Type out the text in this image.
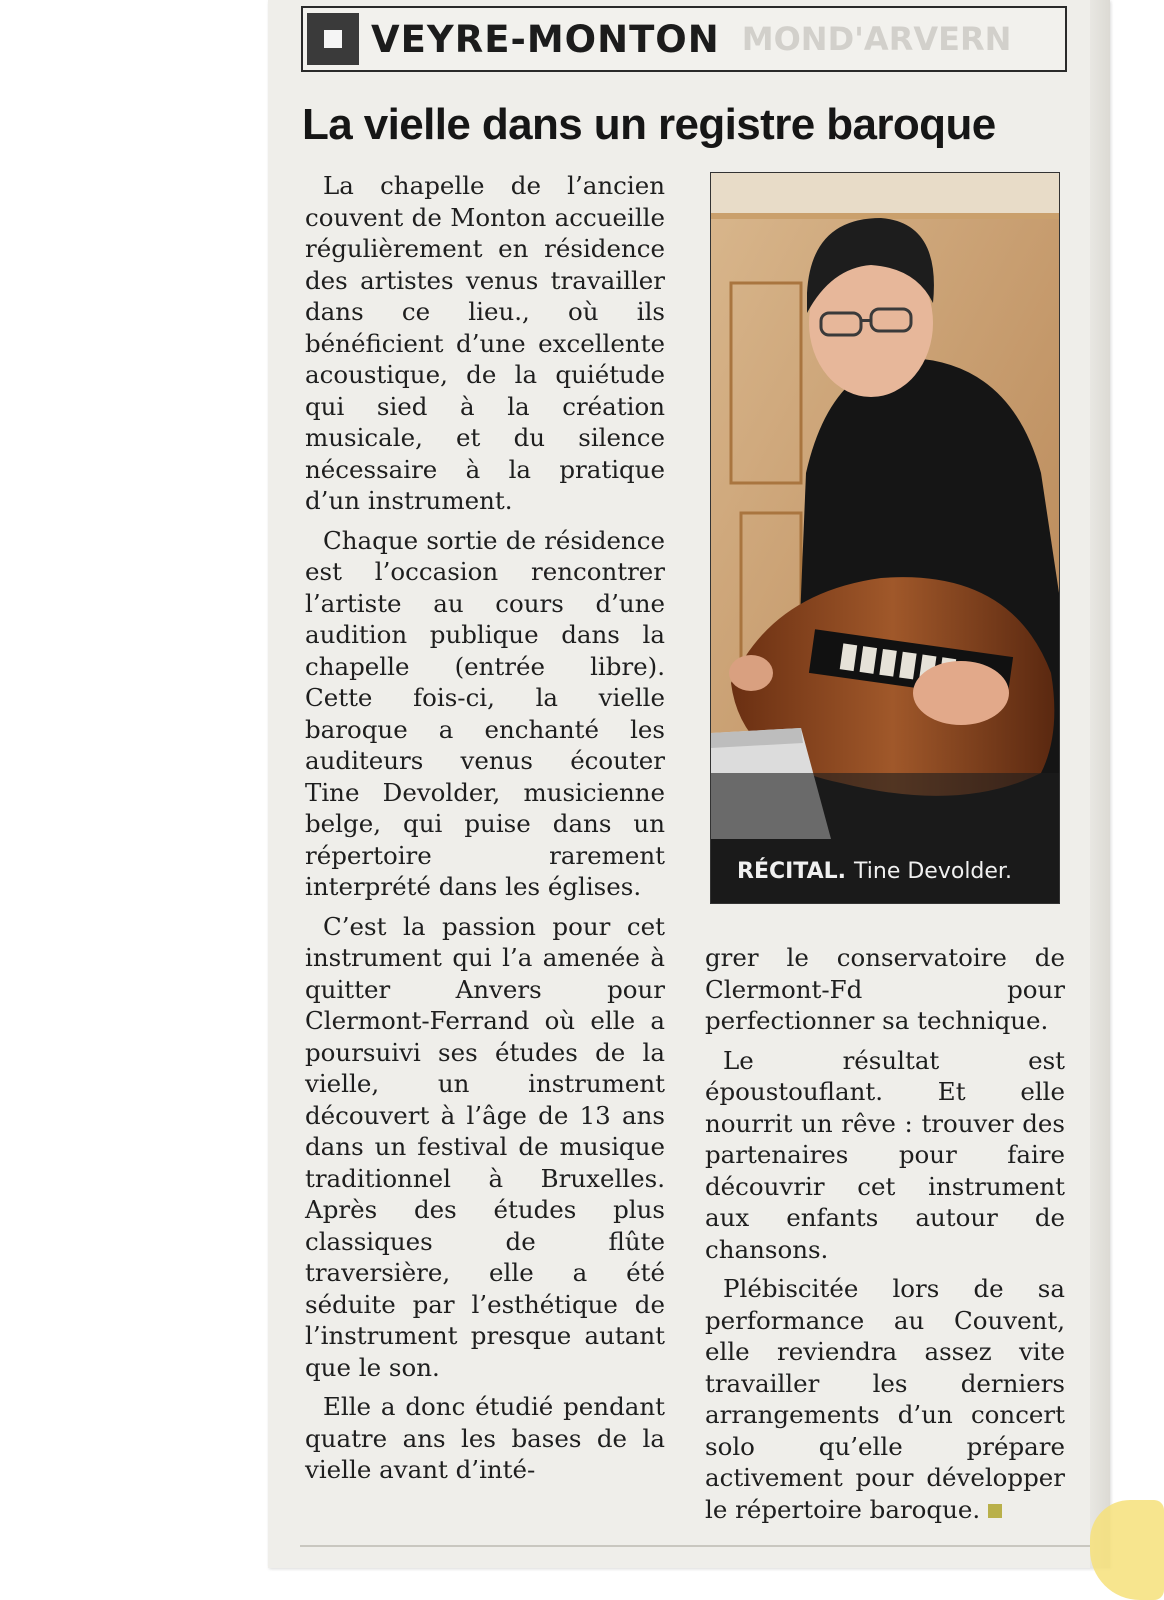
VEYRE-MONTON MOND'ARVERN
La vielle dans un registre baroque

La chapelle de l’ancien couvent de Monton accueille régulièrement en résidence des artistes venus travailler dans ce lieu., où ils bénéficient d’une excellente acoustique, de la quiétude qui sied à la création musicale, et du silence nécessaire à la pratique d’un instrument.

Chaque sortie de résidence est l’occasion rencontrer l’artiste au cours d’une audition publique dans la chapelle (entrée libre). Cette fois-ci, la vielle baroque a enchanté les auditeurs venus écouter Tine Devolder, musicienne belge, qui puise dans un répertoire rarement interprété dans les églises.

C’est la passion pour cet instrument qui l’a amenée à quitter Anvers pour Clermont-Ferrand où elle a poursuivi ses études de la vielle, un instrument découvert à l’âge de 13 ans dans un festival de musique traditionnel à Bruxelles. Après des études plus classiques de flûte traversière, elle a été séduite par l’esthétique de l’instrument presque autant que le son.

Elle a donc étudié pendant quatre ans les bases de la vielle avant d’inté-

RÉCITAL. Tine Devolder.

grer le conservatoire de Clermont-Fd pour perfectionner sa technique.

Le résultat est époustouflant. Et elle nourrit un rêve : trouver des partenaires pour faire découvrir cet instrument aux enfants autour de chansons.

Plébiscitée lors de sa performance au Couvent, elle reviendra assez vite travailler les derniers arrangements d’un concert solo qu’elle prépare activement pour développer le répertoire baroque.
